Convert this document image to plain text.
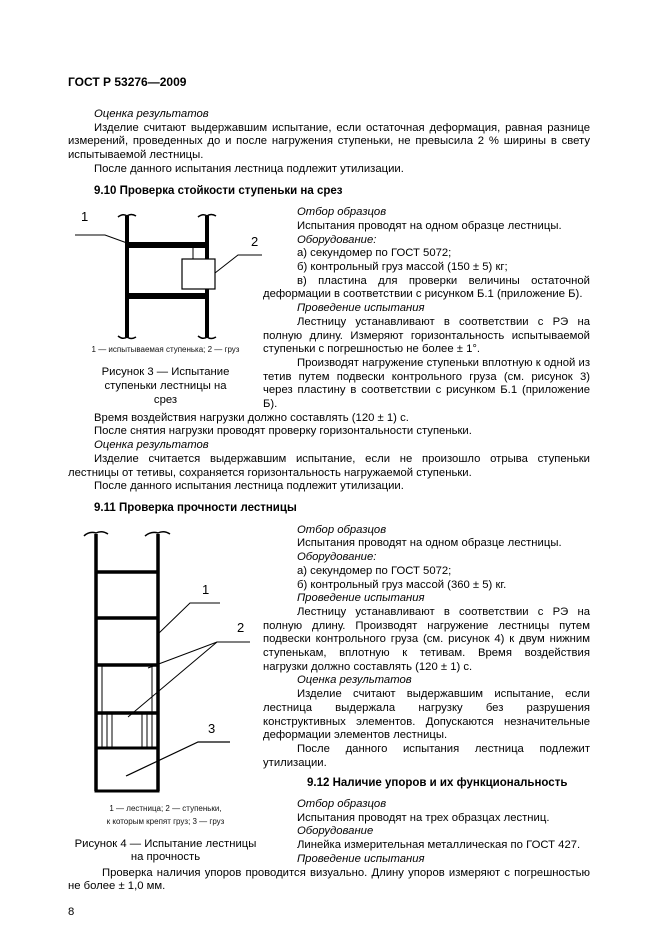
ГОСТ Р 53276—2009

Оценка результатов

Изделие считают выдержавшим испытание, если остаточная деформация, равная разнице измерений, проведенных до и после нагружения ступеньки, не превысила 2 % ширины в свету испытываемой лестницы.

После данного испытания лестница подлежит утилизации.

9.10 Проверка стойкости ступеньки на срез

1
2
1 — испытываемая ступенька; 2 — груз
Рисунок 3 — Испытание ступеньки лестницы на срез

Отбор образцов

Испытания проводят на одном образце лестницы.

Оборудование:

а) секундомер по ГОСТ 5072;

б) контрольный груз массой (150 ± 5) кг;

в) пластина для проверки величины остаточной деформации в соответствии с рисунком Б.1 (приложение Б).

Проведение испытания

Лестницу устанавливают в соответствии с РЭ на полную длину. Измеряют горизонтальность испытываемой ступеньки с погрешностью не более ± 1°.

Производят нагружение ступеньки вплотную к одной из тетив путем подвески контрольного груза (см. рисунок 3) через пластину в соответствии с рисунком Б.1 (приложение Б).

Время воздействия нагрузки должно составлять (120 ± 1) с.

После снятия нагрузки проводят проверку горизонтальности ступеньки.

Оценка результатов

Изделие считается выдержавшим испытание, если не произошло отрыва ступеньки лестницы от тетивы, сохраняется горизонтальность нагружаемой ступеньки.

После данного испытания лестница подлежит утилизации.

9.11 Проверка прочности лестницы

1
2
3
1 — лестница; 2 — ступеньки,
к которым крепят груз; 3 — груз
Рисунок 4 — Испытание лестницы
на прочность

Отбор образцов

Испытания проводят на одном образце лестницы.

Оборудование:

а) секундомер по ГОСТ 5072;

б) контрольный груз массой (360 ± 5) кг.

Проведение испытания

Лестницу устанавливают в соответствии с РЭ на полную длину. Производят нагружение лестницы путем подвески контрольного груза (см. рисунок 4) к двум нижним ступенькам, вплотную к тетивам. Время воздействия нагрузки должно составлять (120 ± 1) с.

Оценка результатов

Изделие считают выдержавшим испытание, если лестница выдержала нагрузку без разрушения конструктивных элементов. Допускаются незначительные деформации элементов лестницы.

После данного испытания лестница подлежит утилизации.

9.12 Наличие упоров и их функциональность

Отбор образцов

Испытания проводят на трех образцах лестниц.

Оборудование

Линейка измерительная металлическая по ГОСТ 427.

Проведение испытания

Проверка наличия упоров проводится визуально. Длину упоров измеряют с погрешностью не более ± 1,0 мм.

8
